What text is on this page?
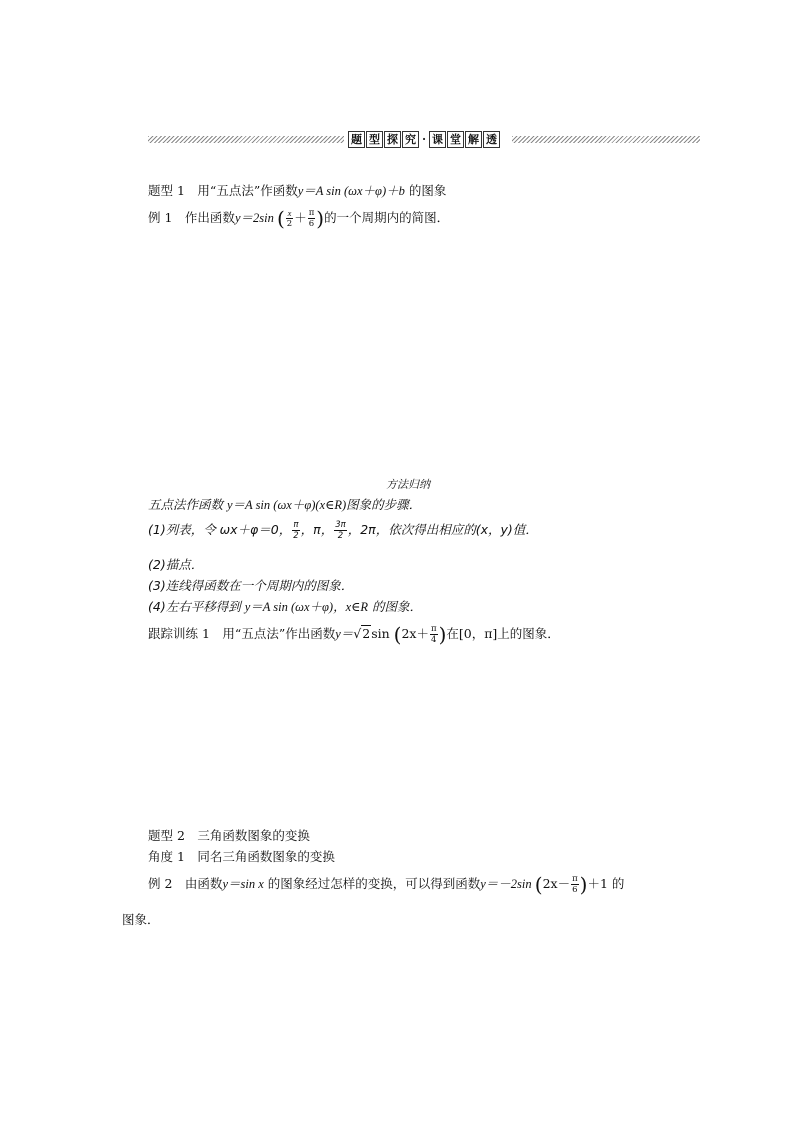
题 型 探 究 · 课 堂 解 透
题型 1　用“五点法”作函数y＝A sin (ωx＋φ)＋b 的图象
例 1　作出函数y＝2sin ( $\frac{x}{2} + \frac{\pi}{6}$ )的一个周期内的简图．
方法归纳
五点法作函数 y＝A sin (ωx＋φ)(x∈R)图象的步骤．
(1)列表，令 ωx＋φ＝0， $\frac{\pi}{2}$ ，π， $\frac{3\pi}{2}$ ，2π，依次得出相应的(x，y)值．
(2)描点．
(3)连线得函数在一个周期内的图象．
(4)左右平移得到 y＝A sin (ωx＋φ)，x∈R 的图象．
跟踪训练 1　用“五点法”作出函数y＝√2sin ($2x+ \frac{\pi}{4}$ )在[0，π]上的图象．
题型 2　三角函数图象的变换
角度 1　同名三角函数图象的变换
例 2　由函数y＝sin x 的图象经过怎样的变换，可以得到函数y＝－2sin $(2x- \frac{\pi}{6} )+1$ 的
图象．
